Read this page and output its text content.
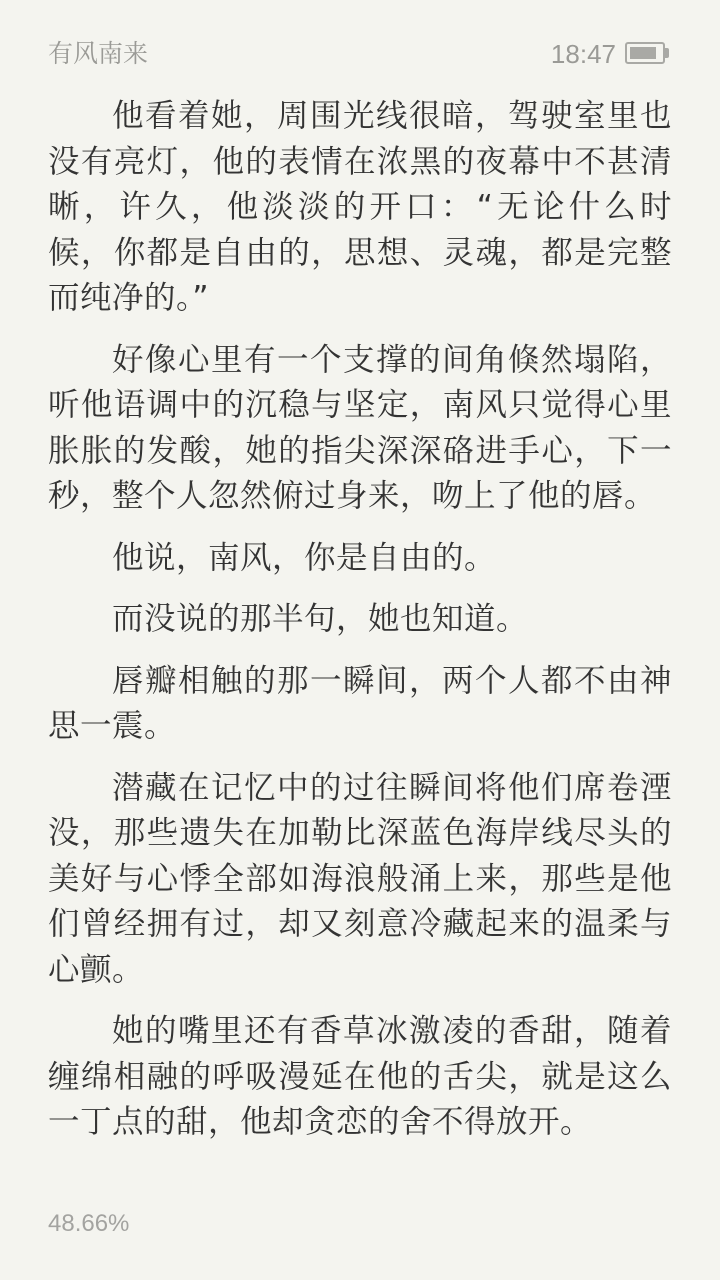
有风南来	18:47

他看着她，周围光线很暗，驾驶室里也没有亮灯，他的表情在浓黑的夜幕中不甚清晰，许久，他淡淡的开口：“无论什么时候，你都是自由的，思想、灵魂，都是完整而纯净的。”

好像心里有一个支撑的间角倏然塌陷，听他语调中的沉稳与坚定，南风只觉得心里胀胀的发酸，她的指尖深深硌进手心，下一秒，整个人忽然俯过身来，吻上了他的唇。

他说，南风，你是自由的。

而没说的那半句，她也知道。

唇瓣相触的那一瞬间，两个人都不由神思一震。

潜藏在记忆中的过往瞬间将他们席卷湮没，那些遗失在加勒比深蓝色海岸线尽头的美好与心悸全部如海浪般涌上来，那些是他们曾经拥有过，却又刻意冷藏起来的温柔与心颤。

她的嘴里还有香草冰激凌的香甜，随着缠绵相融的呼吸漫延在他的舌尖，就是这么一丁点的甜，他却贪恋的舍不得放开。

48.66%
